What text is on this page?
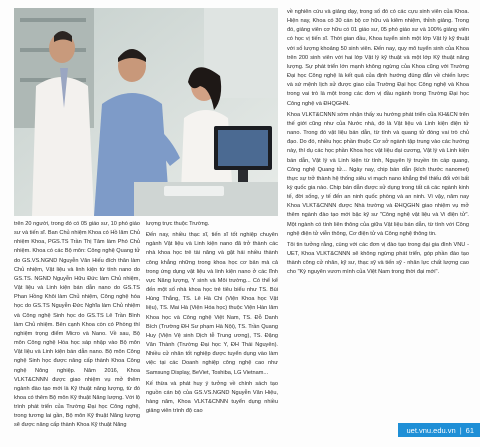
trên 20 người, trong đó có 05 giáo sư, 10 phó giáo sư và tiến sĩ. Ban Chủ nhiệm Khoa có Hồ lâm Chủ nhiệm Khoa, PGS.TS Trần Thị Tâm làm Phó Chủ nhiệm. Khoa có các Bộ môn: Công nghệ Quang tử do GS.VS.NGND Nguyễn Văn Hiếu đích thân làm Chủ nhiệm, Vật liệu và linh kiện từ tính nano do GS.TS. NGND Nguyễn Hữu Đức làm Chủ nhiệm, Vật liệu và Linh kiện bán dẫn nano do GS.TS Phan Hồng Khôi làm Chủ nhiệm, Công nghệ hóa học do GS.TS Nguyễn Đức Nghĩa làm Chủ nhiệm và Công nghệ Sinh học do GS.TS Lê Trần Bình làm Chủ nhiệm. Bên cạnh Khoa còn có Phòng thí nghiệm trọng điểm Micro và Nano. Về sau, Bộ môn Công nghệ Hóa học sáp nhập vào Bộ môn Vật liệu và Linh kiện bán dẫn nano. Bộ môn Công nghệ Sinh học được nâng cấp thành Khoa Công nghệ Nông nghiệp. Năm 2016, Khoa VLKT&CNNN được giao nhiệm vụ mở thêm ngành đào tạo mới là Kỹ thuật năng lượng, từ đó khoa có thêm Bộ môn Kỹ thuật Năng lượng. Với lộ trình phát triển của Trường Đại học Công nghệ, trong tương lai gần, Bộ môn Kỹ thuật Năng lượng sẽ được nâng cấp thành Khoa Kỹ thuật Năng

lượng trực thuộc Trường.

Đến nay, nhiều thạc sĩ, tiến sĩ tốt nghiệp chuyên ngành Vật liệu và Linh kiện nano đã trở thành các nhà khoa học trẻ tài năng và gặt hái nhiều thành công khẳng những trong khoa học cơ bản mà cả trong ứng dụng vật liệu và linh kiện nano ở các lĩnh vực Năng lượng, Y sinh và Môi trường... Có thể kể đến một số nhà khoa học trẻ tiêu biểu như TS. Bùi Hùng Thắng, TS. Lê Hà Chi (Viện Khoa học Vật liệu), TS. Mai Hà (Viện Hóa học) thuộc Viện Hàn lâm Khoa học và Công nghệ Việt Nam, TS. Đỗ Danh Bích (Trường ĐH Sư phạm Hà Nội), TS. Trần Quang Huy (Viện Vệ sinh Dịch tễ Trung ương), TS. Đặng Văn Thành (Trường Đại học Y, ĐH Thái Nguyên). Nhiều cử nhân tốt nghiệp được tuyển dụng vào làm việc tại các Doanh nghiệp công nghệ cao như Samsung Display, BeViet, Toshiba, LG Vietnam...

Kế thừa và phát huy ý tưởng về chính sách tạo nguồn cán bộ của GS.VS.NGND Nguyễn Văn Hiệu, hàng năm, Khoa VLKT&CNNN tuyển dụng nhiều giảng viên trình độ cao

về nghiên cứu và giảng dạy, trong số đó có các cựu sinh viên của Khoa. Hiện nay, Khoa có 30 cán bộ cơ hữu và kiêm nhiệm, thỉnh giảng. Trong đó, giảng viên cơ hữu có 01 giáo sư, 05 phó giáo sư và 100% giảng viên có học vị tiến sĩ. Thời gian đầu, Khoa tuyển sinh một lớp Vật lý kỹ thuật với số lượng khoảng 50 sinh viên. Đến nay, quy mô tuyển sinh của Khoa trên 200 sinh viên với hai lớp Vật lý kỹ thuật và một lớp Kỹ thuật năng lượng. Sự phát triển lớn mạnh không ngừng của Khoa cũng với Trường Đại học Công nghệ là kết quả của định hướng đúng đắn về chiến lược và sứ mệnh lịch sử được giao của Trường Đại học Công nghệ và Khoa trong vai trò là một trong các đơn vị đầu ngành trong Trường Đại học Công nghệ và ĐHQGHN.

Khoa VLKT&CNNN sớm nhận thấy xu hướng phát triển của KH&CN trên thế giới cũng như của Nước nhà, đó là Vật liệu và Linh kiện điện tử nano. Trong đó vật liệu bán dẫn, từ tính và quang tử đóng vai trò chủ đạo. Do đó, nhiều học phần thuộc Cơ sở ngành tập trung vào các hướng này, thí dụ các học phần Khoa học vật liệu đại cương, Vật lý và Linh kiện bán dẫn, Vật lý và Linh kiện từ tính, Nguyên lý truyền tin cáp quang, Công nghệ Quang tử... Ngày nay, chip bán dẫn (kích thước nanomet) thực sự trở thành hệ thống siêu vi mạch nano khẳng thể thiếu đối với bất kỳ quốc gia nào. Chip bán dẫn được sử dụng trong tất cả các ngành kinh tế, đời sống, y tế đến an ninh quốc phòng và an ninh. Vì vậy, năm nay Khoa VLKT&CNNN được Nhà trường và ĐHQGHN giao nhiệm vụ mở thêm ngành đào tạo mới bậc kỹ sư "Công nghệ vật liệu và Vi điện tử". Một ngành có tính liên thông của giữa Vật liệu bán dẫn, từ tính với Công nghệ điện tử viễn thông, Cơ điện tử và Công nghệ thông tin.

Tôi tin tưởng rằng, cùng với các đơn vị đào tạo trong đại gia đình VNU - UET, Khoa VLKT&CNNN sẽ không ngừng phát triển, góp phần đào tạo thành công cử nhân, kỹ sư, thạc sỹ và tiến sỹ - nhân lực chất lượng cao cho "Kỳ nguyên vươn mình của Việt Nam trong thời đại mới".

uet.vnu.edu.vn | 61
